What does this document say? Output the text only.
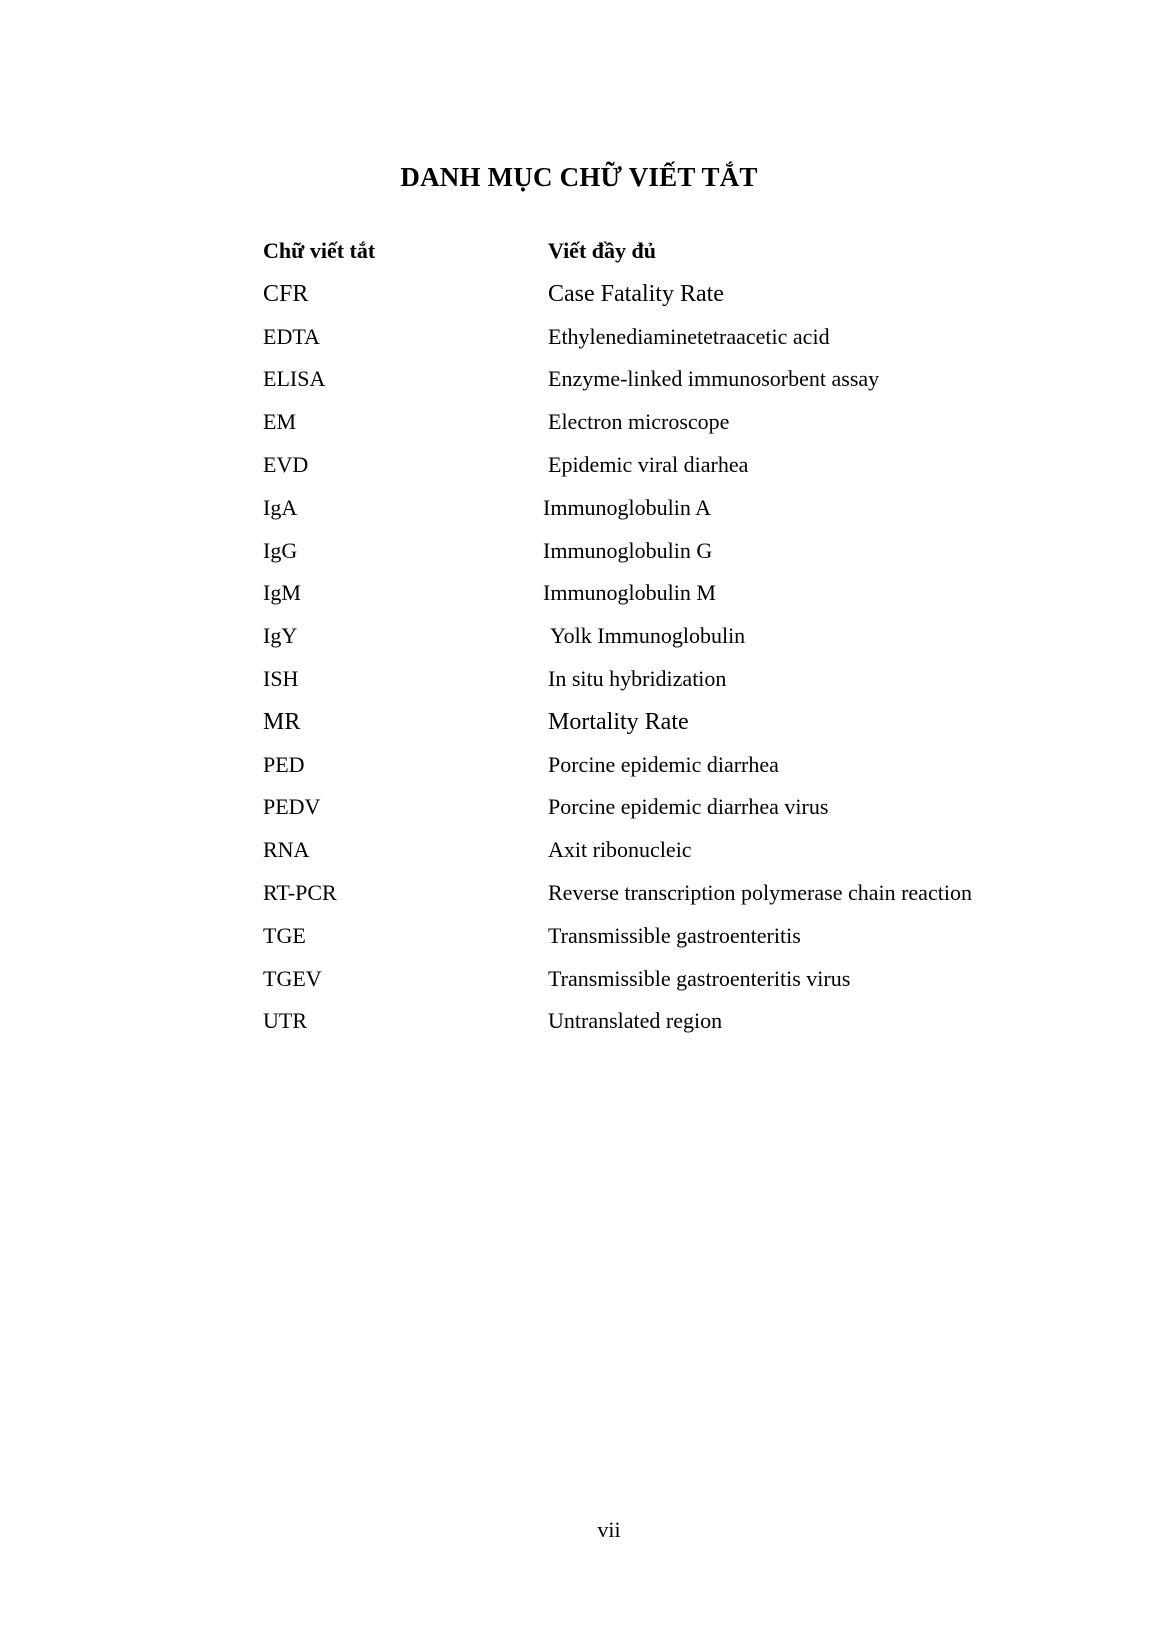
DANH MỤC CHỮ VIẾT TẮT
Chữ viết tắt	Viết đầy đủ
CFR	Case Fatality Rate
EDTA	Ethylenediaminetetraacetic acid
ELISA	Enzyme-linked immunosorbent assay
EM	Electron microscope
EVD	Epidemic viral diarhea
IgA	Immunoglobulin A
IgG	Immunoglobulin G
IgM	Immunoglobulin M
IgY	Yolk Immunoglobulin
ISH	In situ hybridization
MR	Mortality Rate
PED	Porcine epidemic diarrhea
PEDV	Porcine epidemic diarrhea virus
RNA	Axit ribonucleic
RT-PCR	Reverse transcription polymerase chain reaction
TGE	Transmissible gastroenteritis
TGEV	Transmissible gastroenteritis virus
UTR	Untranslated region
vii
